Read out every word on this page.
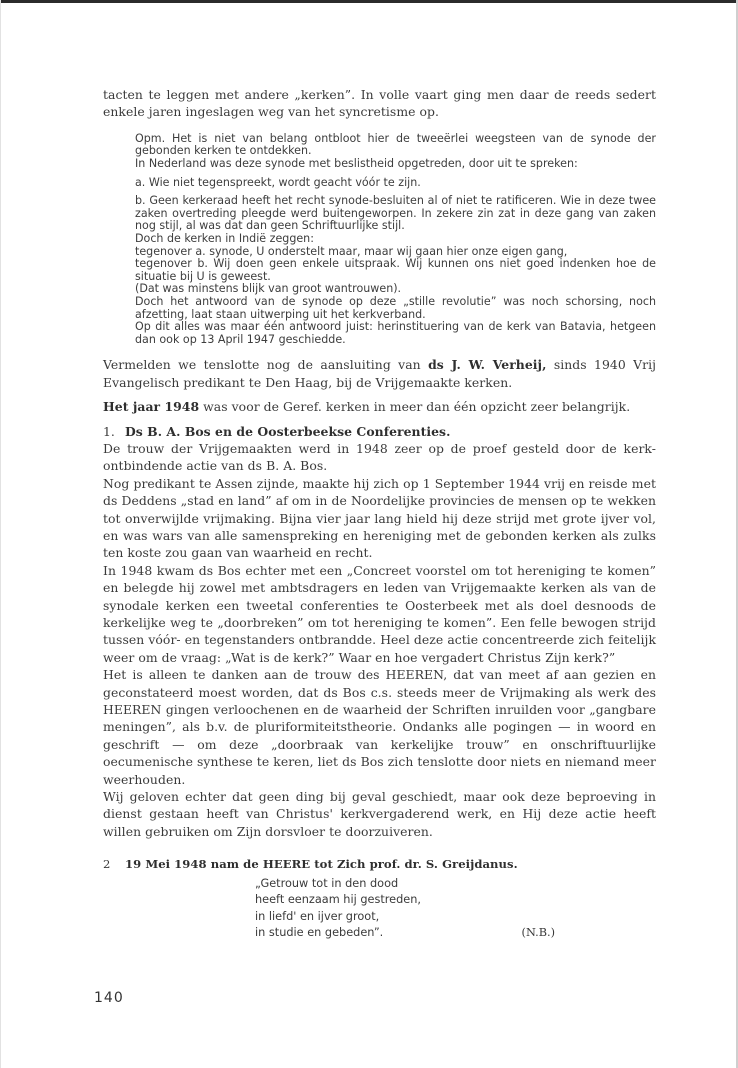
tacten te leggen met andere „kerken”. In volle vaart ging men daar de reeds sedert enkele jaren ingeslagen weg van het syncretisme op.

Opm. Het is niet van belang ontbloot hier de tweeërlei weegsteen van de synode der gebonden kerken te ontdekken.

In Nederland was deze synode met beslistheid opgetreden, door uit te spreken:

a. Wie niet tegenspreekt, wordt geacht vóór te zijn.

b. Geen kerkeraad heeft het recht synode-besluiten al of niet te ratificeren. Wie in deze twee zaken overtreding pleegde werd buitengeworpen. In zekere zin zat in deze gang van zaken nog stijl, al was dat dan geen Schriftuurlijke stijl.

Doch de kerken in Indië zeggen:

tegenover a. synode, U onderstelt maar, maar wij gaan hier onze eigen gang,

tegenover b. Wij doen geen enkele uitspraak. Wij kunnen ons niet goed indenken hoe de situatie bij U is geweest.

(Dat was minstens blijk van groot wantrouwen).

Doch het antwoord van de synode op deze „stille revolutie” was noch schorsing, noch afzetting, laat staan uitwerping uit het kerkverband.

Op dit alles was maar één antwoord juist: herinstituering van de kerk van Batavia, hetgeen dan ook op 13 April 1947 geschiedde.

Vermelden we tenslotte nog de aansluiting van ds J. W. Verheij, sinds 1940 Vrij Evangelisch predikant te Den Haag, bij de Vrijgemaakte kerken.

Het jaar 1948 was voor de Geref. kerken in meer dan één opzicht zeer belangrijk.

1. Ds B. A. Bos en de Oosterbeekse Conferenties.

De trouw der Vrijgemaakten werd in 1948 zeer op de proef gesteld door de kerk-ontbindende actie van ds B. A. Bos.

Nog predikant te Assen zijnde, maakte hij zich op 1 September 1944 vrij en reisde met ds Deddens „stad en land” af om in de Noordelijke provincies de mensen op te wekken tot onverwijlde vrijmaking. Bijna vier jaar lang hield hij deze strijd met grote ijver vol, en was wars van alle samenspreking en hereniging met de gebonden kerken als zulks ten koste zou gaan van waarheid en recht.

In 1948 kwam ds Bos echter met een „Concreet voorstel om tot hereniging te komen” en belegde hij zowel met ambtsdragers en leden van Vrijgemaakte kerken als van de synodale kerken een tweetal conferenties te Oosterbeek met als doel desnoods de kerkelijke weg te „doorbreken” om tot hereniging te komen”. Een felle bewogen strijd tussen vóór- en tegenstanders ontbrandde. Heel deze actie concentreerde zich feitelijk weer om de vraag: „Wat is de kerk?” Waar en hoe vergadert Christus Zijn kerk?”

Het is alleen te danken aan de trouw des HEEREN, dat van meet af aan gezien en geconstateerd moest worden, dat ds Bos c.s. steeds meer de Vrijmaking als werk des HEEREN gingen verloochenen en de waarheid der Schriften inruilden voor „gangbare meningen”, als b.v. de pluriformiteitstheorie. Ondanks alle pogingen — in woord en geschrift — om deze „doorbraak van kerkelijke trouw” en onschriftuurlijke oecumenische synthese te keren, liet ds Bos zich tenslotte door niets en niemand meer weerhouden.

Wij geloven echter dat geen ding bij geval geschiedt, maar ook deze beproeving in dienst gestaan heeft van Christus' kerkvergaderend werk, en Hij deze actie heeft willen gebruiken om Zijn dorsvloer te doorzuiveren.

2 19 Mei 1948 nam de HEERE tot Zich prof. dr. S. Greijdanus.

„Getrouw tot in den dood
heeft eenzaam hij gestreden,
in liefd' en ijver groot,
in studie en gebeden”.	(N.B.)
140
